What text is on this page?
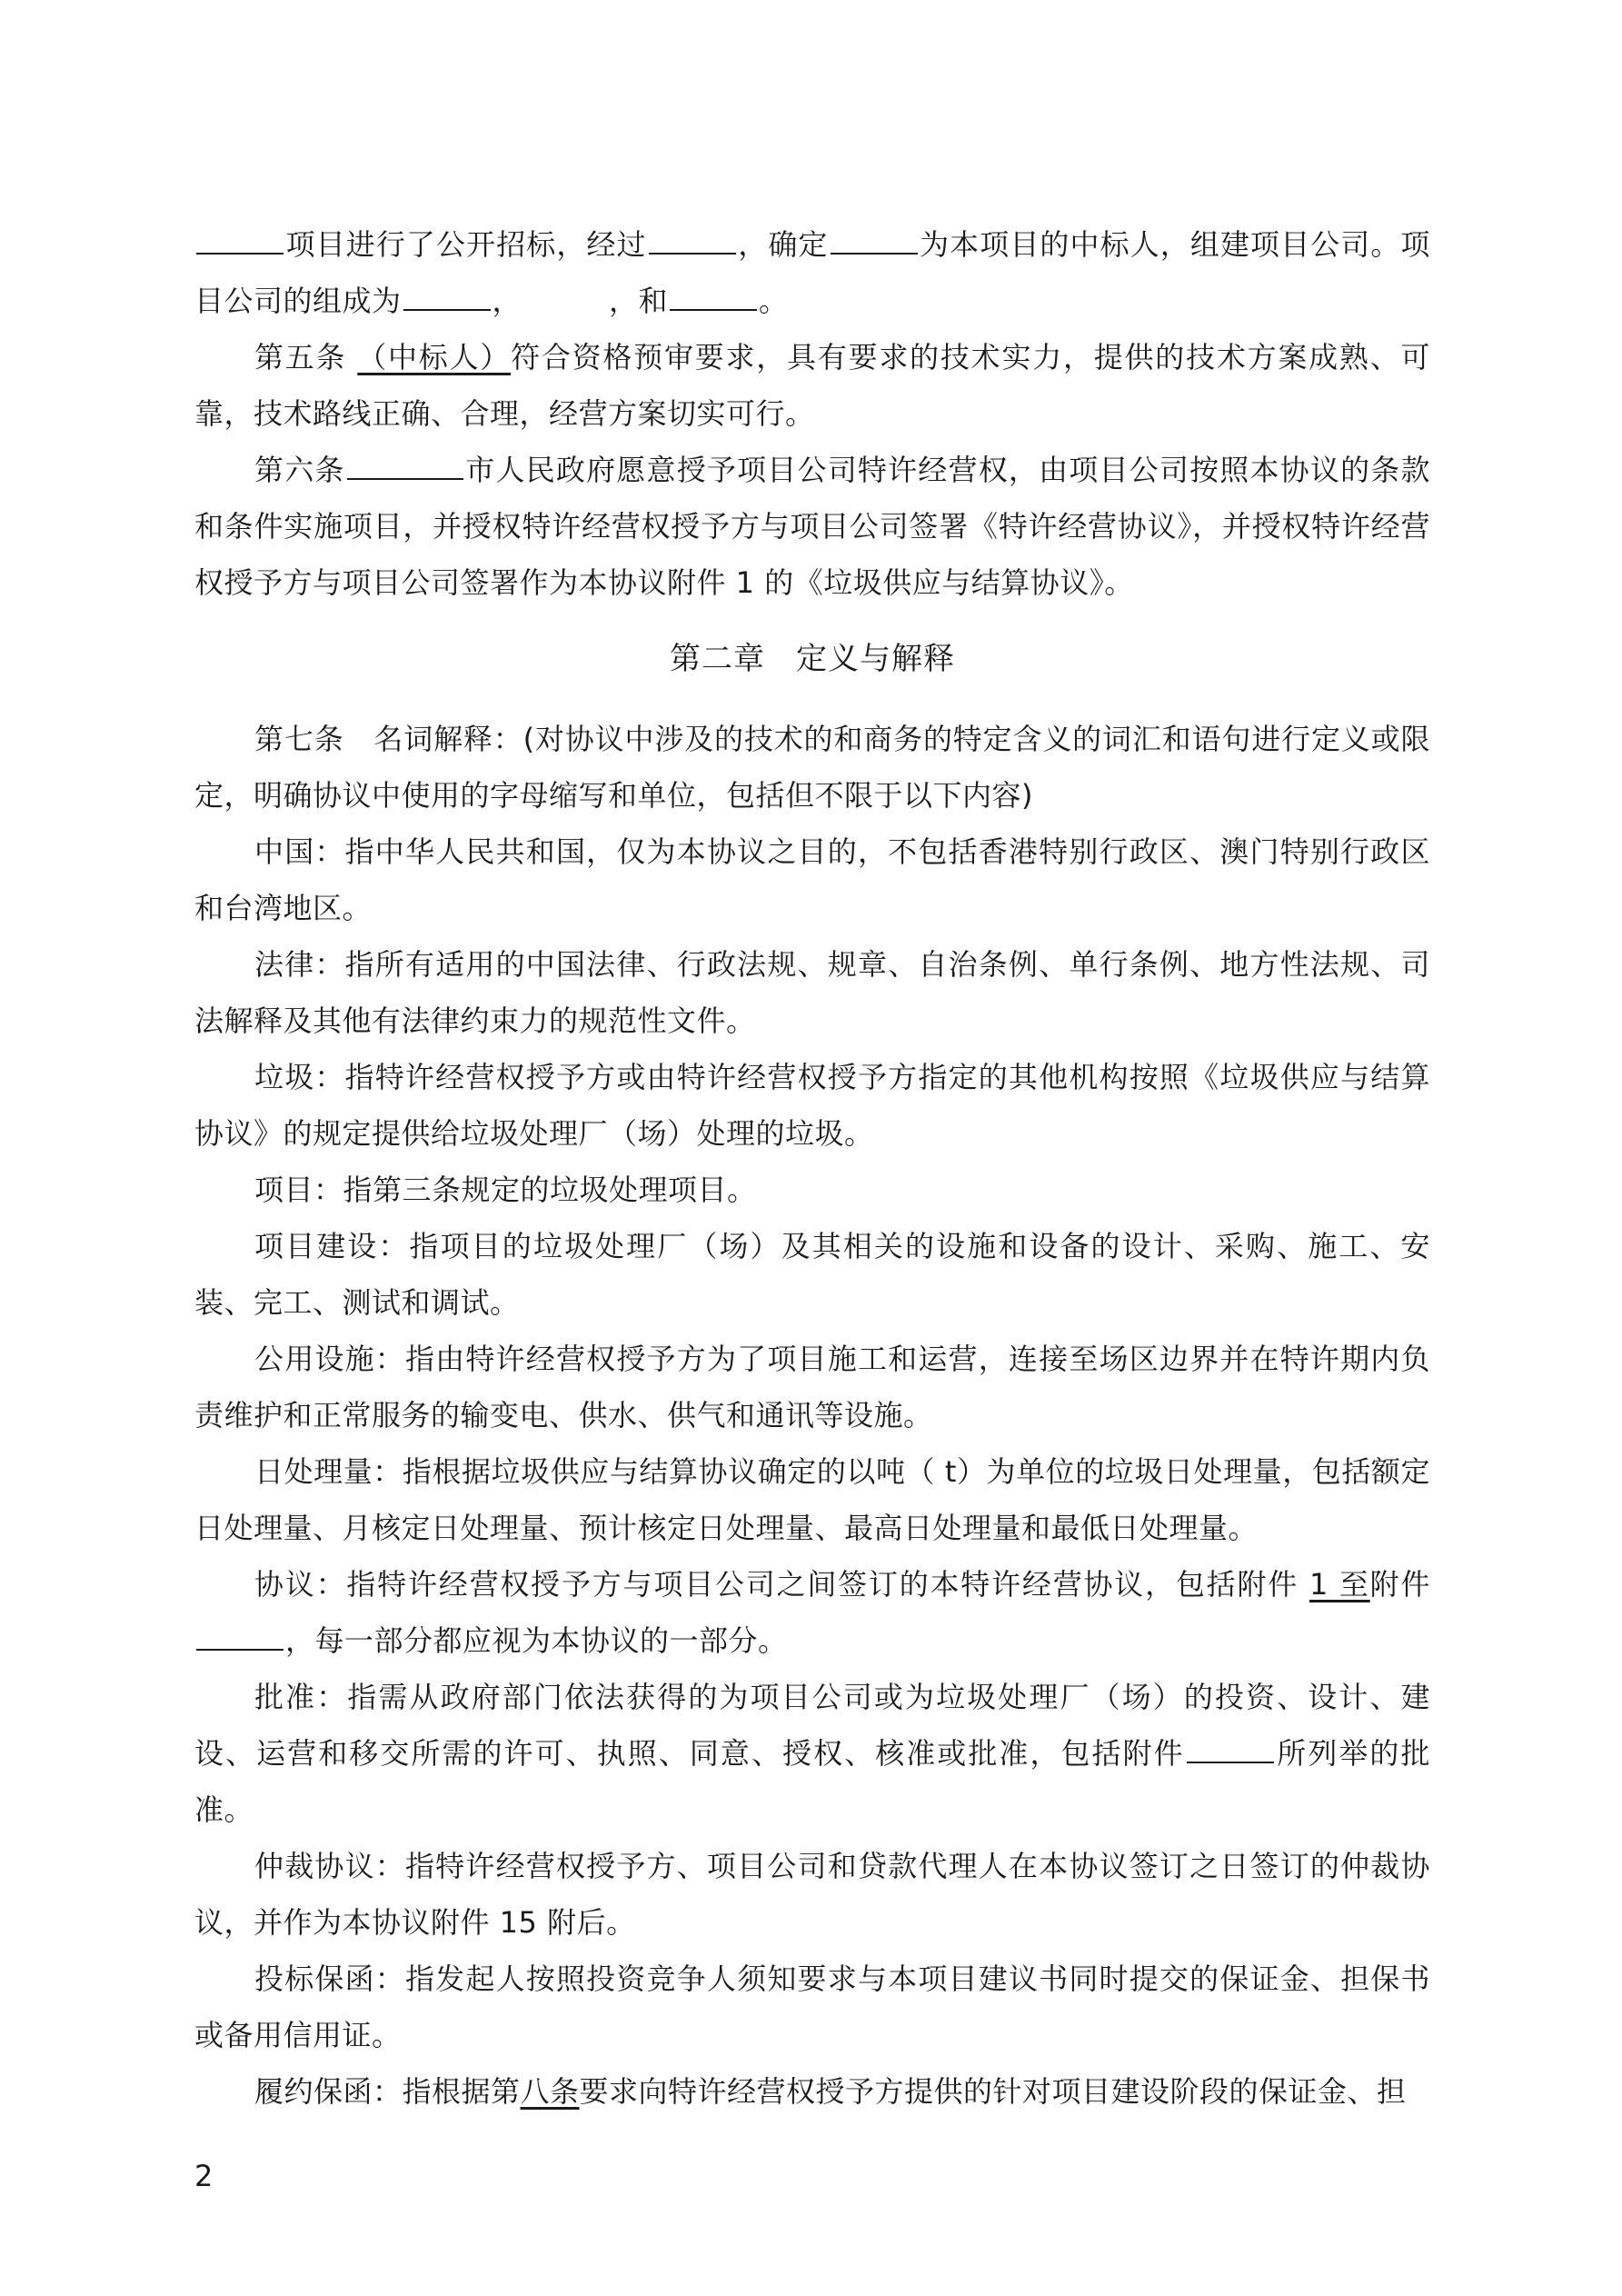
项目进行了公开招标，经过	，确定	为本项目的中标人，组建项目公司。项目公司的组成为	，	，和	。

第五条 （中标人）符合资格预审要求，具有要求的技术实力，提供的技术方案成熟、可靠，技术路线正确、合理，经营方案切实可行。

第六条	市人民政府愿意授予项目公司特许经营权，由项目公司按照本协议的条款和条件实施项目，并授权特许经营权授予方与项目公司签署《特许经营协议》，并授权特许经营权授予方与项目公司签署作为本协议附件 1 的《垃圾供应与结算协议》。

第二章 定义与解释

第七条　名词解释：(对协议中涉及的技术的和商务的特定含义的词汇和语句进行定义或限定，明确协议中使用的字母缩写和单位，包括但不限于以下内容)

中国：指中华人民共和国，仅为本协议之目的，不包括香港特别行政区、澳门特别行政区和台湾地区。

法律：指所有适用的中国法律、行政法规、规章、自治条例、单行条例、地方性法规、司法解释及其他有法律约束力的规范性文件。

垃圾：指特许经营权授予方或由特许经营权授予方指定的其他机构按照《垃圾供应与结算协议》的规定提供给垃圾处理厂（场）处理的垃圾。

项目：指第三条规定的垃圾处理项目。

项目建设：指项目的垃圾处理厂（场）及其相关的设施和设备的设计、采购、施工、安装、完工、测试和调试。

公用设施：指由特许经营权授予方为了项目施工和运营，连接至场区边界并在特许期内负责维护和正常服务的输变电、供水、供气和通讯等设施。

日处理量：指根据垃圾供应与结算协议确定的以吨（ t）为单位的垃圾日处理量，包括额定日处理量、月核定日处理量、预计核定日处理量、最高日处理量和最低日处理量。

协议：指特许经营权授予方与项目公司之间签订的本特许经营协议，包括附件 1 至附件，每一部分都应视为本协议的一部分。

批准：指需从政府部门依法获得的为项目公司或为垃圾处理厂（场）的投资、设计、建设、运营和移交所需的许可、执照、同意、授权、核准或批准，包括附件	所列举的批准。

仲裁协议：指特许经营权授予方、项目公司和贷款代理人在本协议签订之日签订的仲裁协议，并作为本协议附件 15 附后。

投标保函：指发起人按照投资竞争人须知要求与本项目建议书同时提交的保证金、担保书或备用信用证。

履约保函：指根据第八条要求向特许经营权授予方提供的针对项目建设阶段的保证金、担

2
